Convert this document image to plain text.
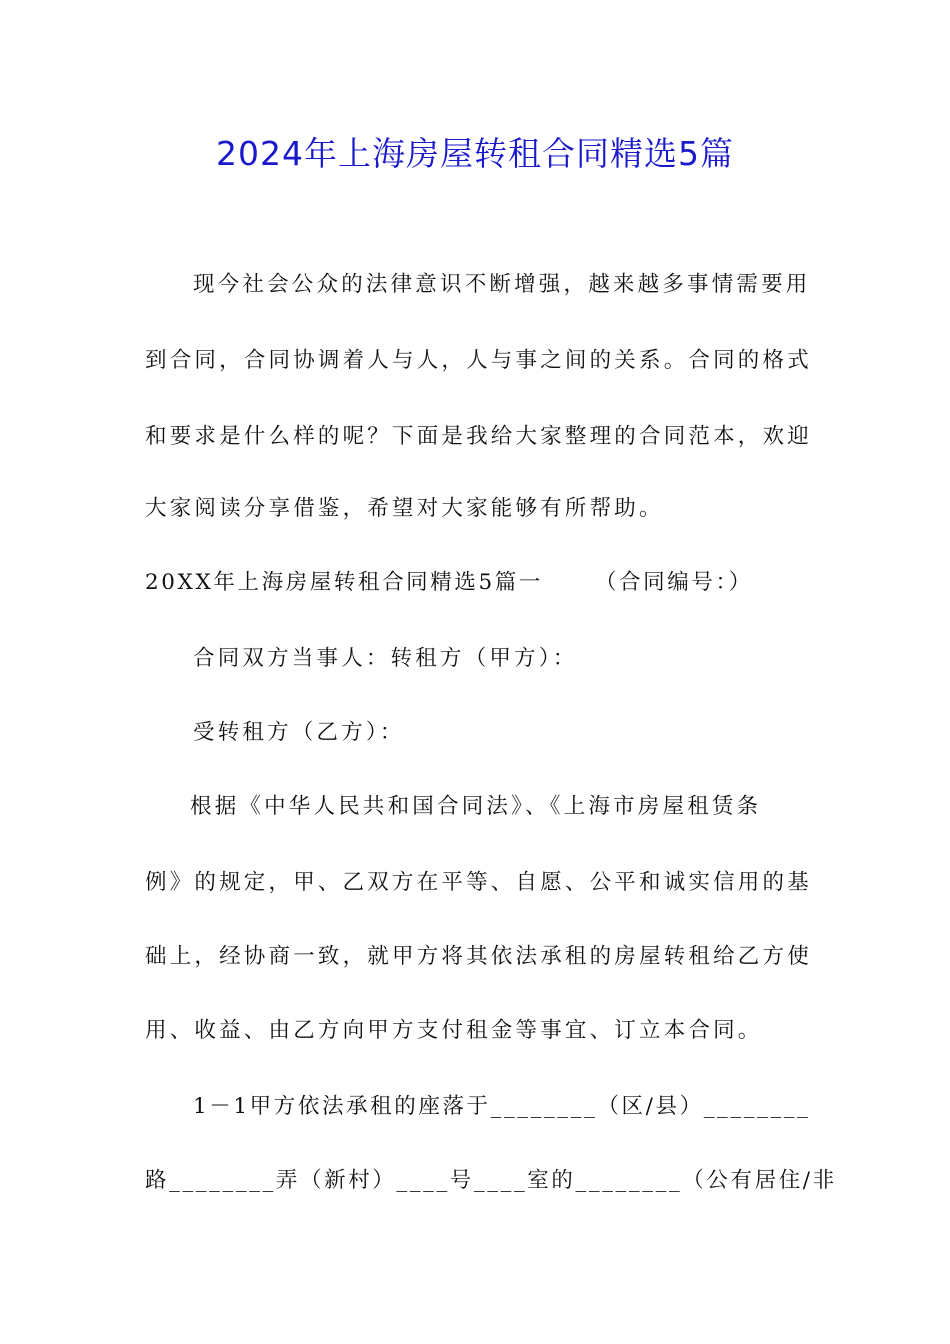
2024年上海房屋转租合同精选5篇
现今社会公众的法律意识不断增强，越来越多事情需要用
到合同，合同协调着人与人，人与事之间的关系。合同的格式
和要求是什么样的呢？下面是我给大家整理的合同范本，欢迎
大家阅读分享借鉴，希望对大家能够有所帮助。
20XX年上海房屋转租合同精选5篇一 （合同编号：）
合同双方当事人：转租方（甲方）：
受转租方（乙方）：
根据《中华人民共和国合同法》、《上海市房屋租赁条
例》的规定，甲、乙双方在平等、自愿、公平和诚实信用的基
础上，经协商一致，就甲方将其依法承租的房屋转租给乙方使
用、收益、由乙方向甲方支付租金等事宜、订立本合同。
1－1甲方依法承租的座落于________（区/县）________
路________弄（新村）____号____室的________（公有居住/非
